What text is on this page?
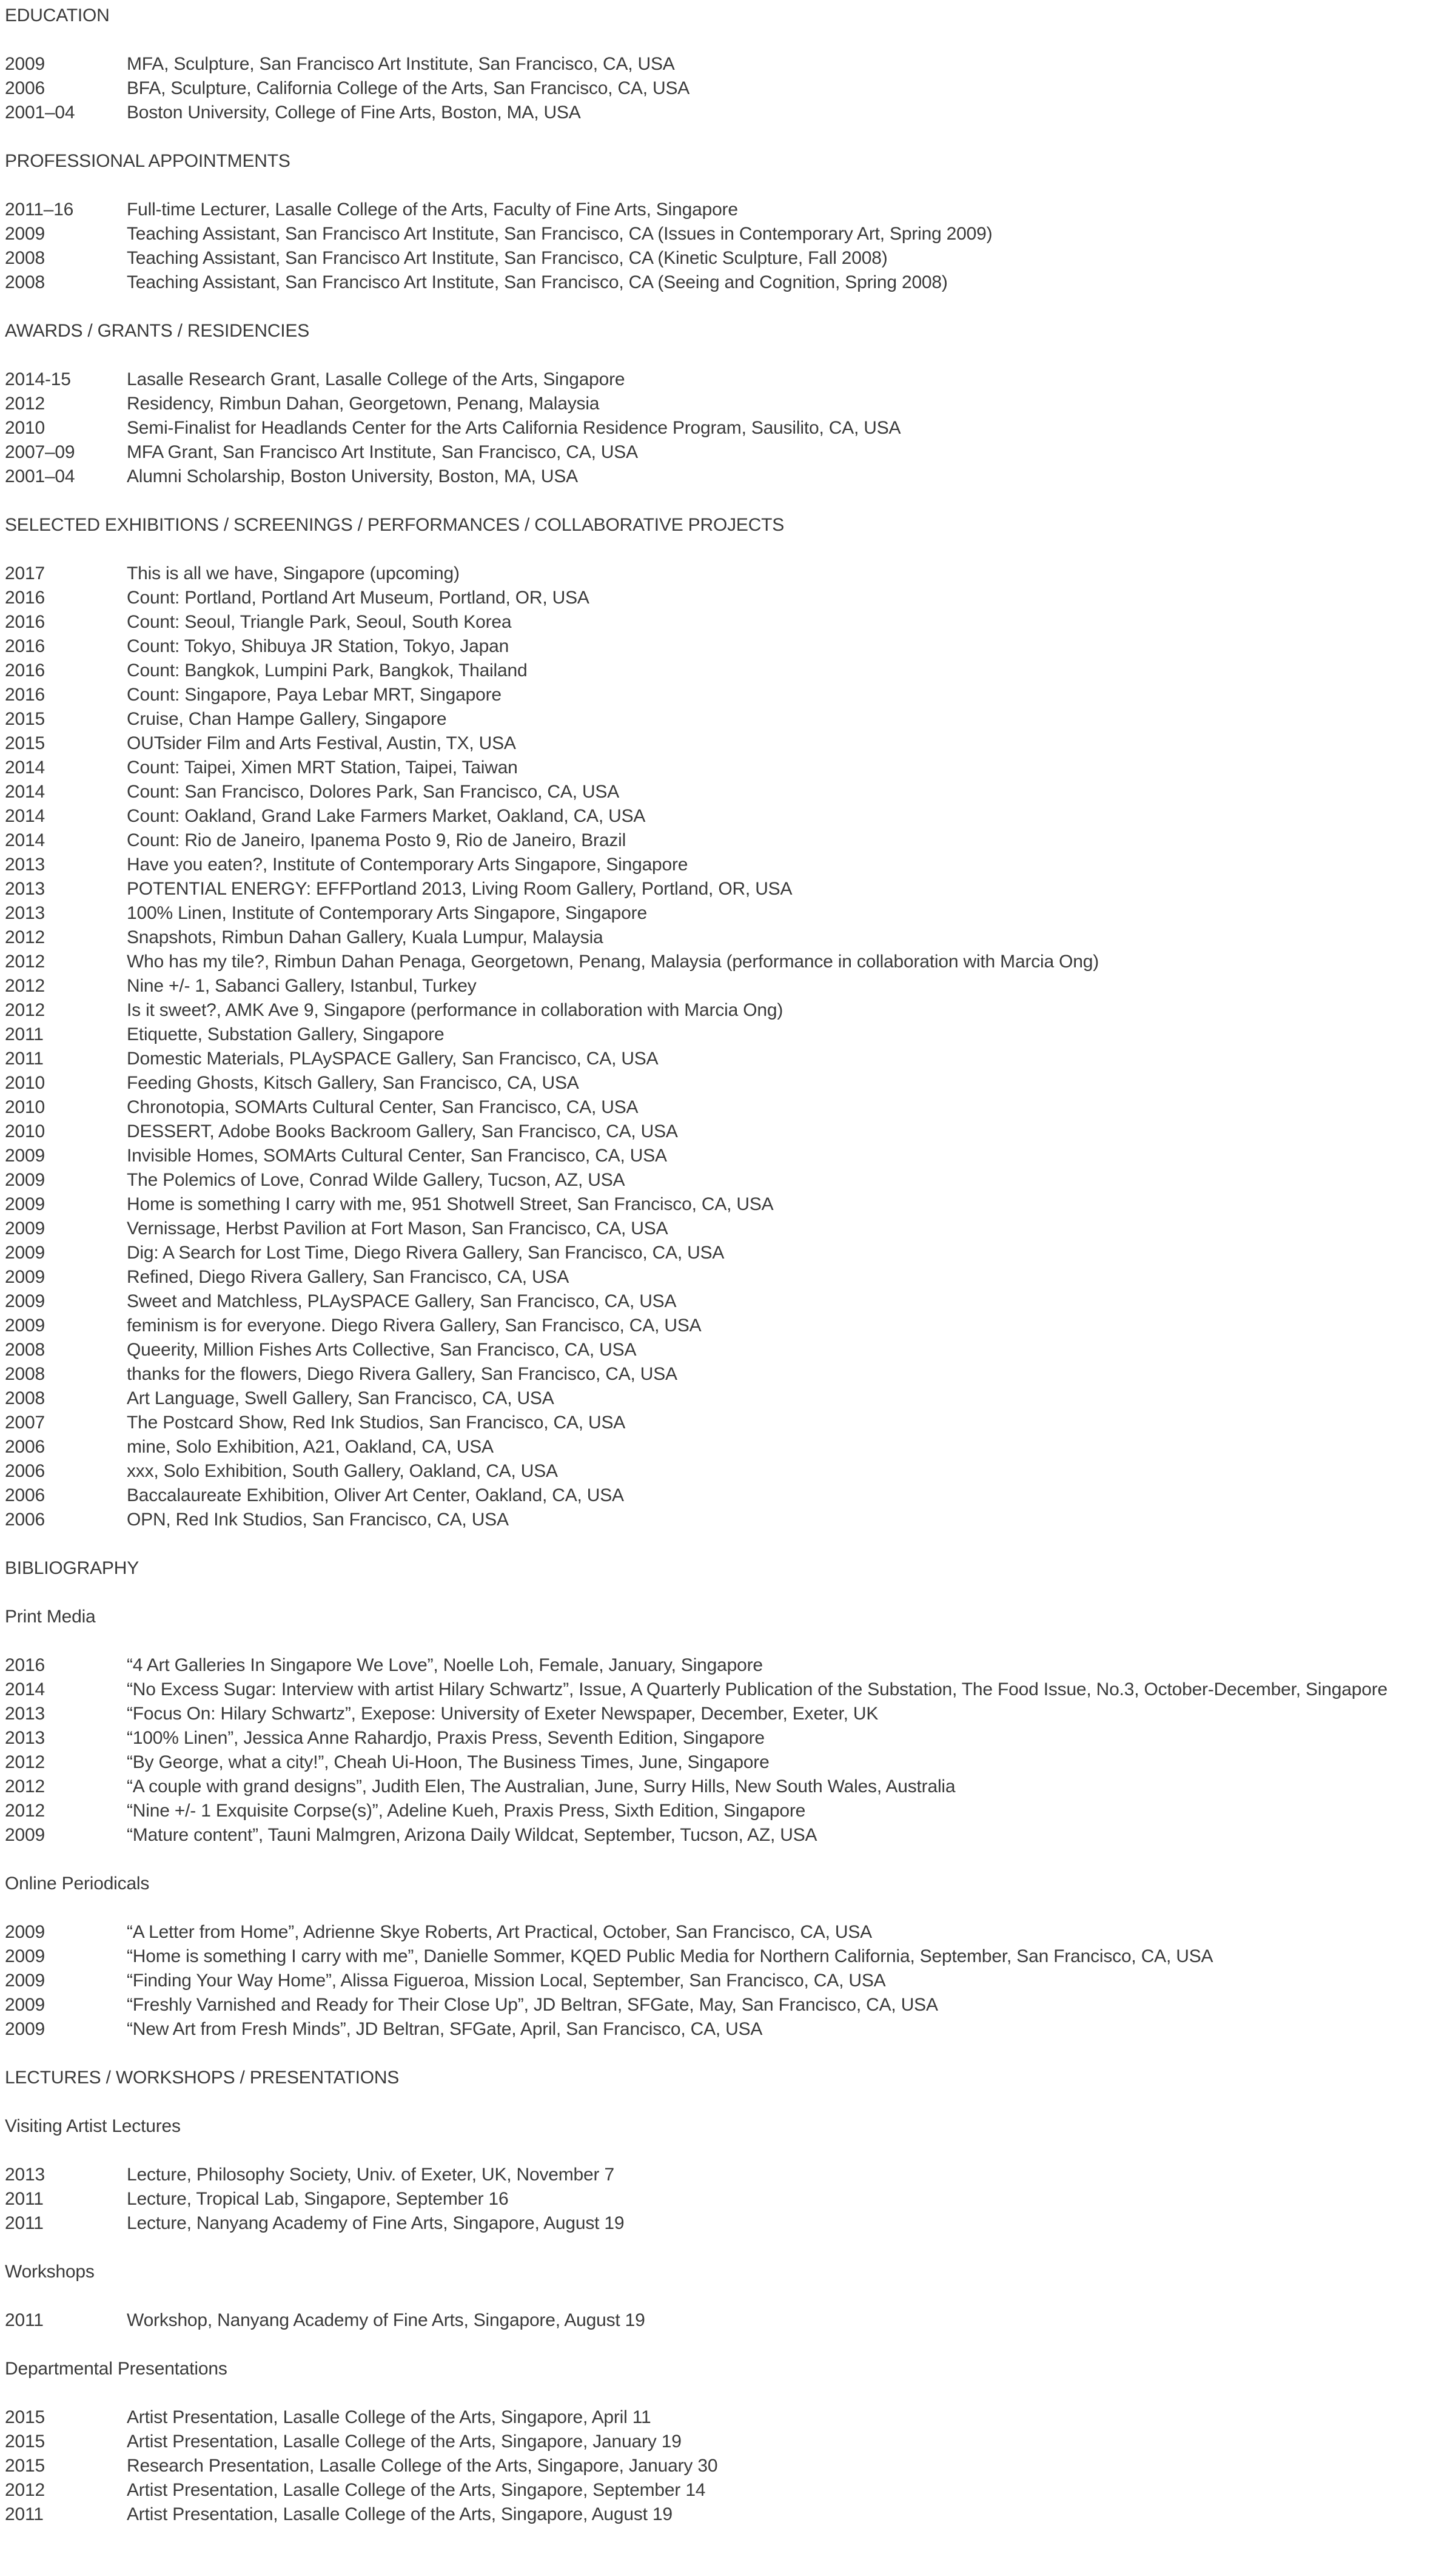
EDUCATION
2009	MFA, Sculpture, San Francisco Art Institute, San Francisco, CA, USA
2006	BFA, Sculpture, California College of the Arts, San Francisco, CA, USA
2001–04	Boston University, College of Fine Arts, Boston, MA, USA
PROFESSIONAL APPOINTMENTS
2011–16	Full-time Lecturer, Lasalle College of the Arts, Faculty of Fine Arts, Singapore
2009	Teaching Assistant, San Francisco Art Institute, San Francisco, CA (Issues in Contemporary Art, Spring 2009)
2008	Teaching Assistant, San Francisco Art Institute, San Francisco, CA (Kinetic Sculpture, Fall 2008)
2008	Teaching Assistant, San Francisco Art Institute, San Francisco, CA (Seeing and Cognition, Spring 2008)
AWARDS / GRANTS / RESIDENCIES
2014-15	Lasalle Research Grant, Lasalle College of the Arts, Singapore
2012	Residency, Rimbun Dahan, Georgetown, Penang, Malaysia
2010	Semi-Finalist for Headlands Center for the Arts California Residence Program, Sausilito, CA, USA
2007–09	MFA Grant, San Francisco Art Institute, San Francisco, CA, USA
2001–04	Alumni Scholarship, Boston University, Boston, MA, USA
SELECTED EXHIBITIONS / SCREENINGS / PERFORMANCES / COLLABORATIVE PROJECTS
2017	This is all we have, Singapore (upcoming)
2016	Count: Portland, Portland Art Museum, Portland, OR, USA
2016	Count: Seoul, Triangle Park, Seoul, South Korea
2016	Count: Tokyo, Shibuya JR Station, Tokyo, Japan
2016	Count: Bangkok, Lumpini Park, Bangkok, Thailand
2016	Count: Singapore, Paya Lebar MRT, Singapore
2015	Cruise, Chan Hampe Gallery, Singapore
2015	OUTsider Film and Arts Festival, Austin, TX, USA
2014	Count: Taipei, Ximen MRT Station, Taipei, Taiwan
2014	Count: San Francisco, Dolores Park, San Francisco, CA, USA
2014	Count: Oakland, Grand Lake Farmers Market, Oakland, CA, USA
2014	Count: Rio de Janeiro, Ipanema Posto 9, Rio de Janeiro, Brazil
2013	Have you eaten?, Institute of Contemporary Arts Singapore, Singapore
2013	POTENTIAL ENERGY: EFFPortland 2013, Living Room Gallery, Portland, OR, USA
2013	100% Linen, Institute of Contemporary Arts Singapore, Singapore
2012	Snapshots, Rimbun Dahan Gallery, Kuala Lumpur, Malaysia
2012	Who has my tile?, Rimbun Dahan Penaga, Georgetown, Penang, Malaysia (performance in collaboration with Marcia Ong)
2012	Nine +/- 1, Sabanci Gallery, Istanbul, Turkey
2012	Is it sweet?, AMK Ave 9, Singapore (performance in collaboration with Marcia Ong)
2011	Etiquette, Substation Gallery, Singapore
2011	Domestic Materials, PLAySPACE Gallery, San Francisco, CA, USA
2010	Feeding Ghosts, Kitsch Gallery, San Francisco, CA, USA
2010	Chronotopia, SOMArts Cultural Center, San Francisco, CA, USA
2010	DESSERT, Adobe Books Backroom Gallery, San Francisco, CA, USA
2009	Invisible Homes, SOMArts Cultural Center, San Francisco, CA, USA
2009	The Polemics of Love, Conrad Wilde Gallery, Tucson, AZ, USA
2009	Home is something I carry with me, 951 Shotwell Street, San Francisco, CA, USA
2009	Vernissage, Herbst Pavilion at Fort Mason, San Francisco, CA, USA
2009	Dig: A Search for Lost Time, Diego Rivera Gallery, San Francisco, CA, USA
2009	Refined, Diego Rivera Gallery, San Francisco, CA, USA
2009	Sweet and Matchless, PLAySPACE Gallery, San Francisco, CA, USA
2009	feminism is for everyone. Diego Rivera Gallery, San Francisco, CA, USA
2008	Queerity, Million Fishes Arts Collective, San Francisco, CA, USA
2008	thanks for the flowers, Diego Rivera Gallery, San Francisco, CA, USA
2008	Art Language, Swell Gallery, San Francisco, CA, USA
2007	The Postcard Show, Red Ink Studios, San Francisco, CA, USA
2006	mine, Solo Exhibition, A21, Oakland, CA, USA
2006	xxx, Solo Exhibition, South Gallery, Oakland, CA, USA
2006	Baccalaureate Exhibition, Oliver Art Center, Oakland, CA, USA
2006	OPN, Red Ink Studios, San Francisco, CA, USA
BIBLIOGRAPHY
Print Media
2016	“4 Art Galleries In Singapore We Love”, Noelle Loh, Female, January, Singapore
2014	“No Excess Sugar: Interview with artist Hilary Schwartz”, Issue, A Quarterly Publication of the Substation, The Food Issue, No.3, October-December, Singapore
2013	“Focus On: Hilary Schwartz”, Exepose: University of Exeter Newspaper, December, Exeter, UK
2013	“100% Linen”, Jessica Anne Rahardjo, Praxis Press, Seventh Edition, Singapore
2012	“By George, what a city!”, Cheah Ui-Hoon, The Business Times, June, Singapore
2012	“A couple with grand designs”, Judith Elen, The Australian, June, Surry Hills, New South Wales, Australia
2012	“Nine +/- 1 Exquisite Corpse(s)”, Adeline Kueh, Praxis Press, Sixth Edition, Singapore
2009	“Mature content”, Tauni Malmgren, Arizona Daily Wildcat, September, Tucson, AZ, USA
Online Periodicals
2009	“A Letter from Home”, Adrienne Skye Roberts, Art Practical, October, San Francisco, CA, USA
2009	“Home is something I carry with me”, Danielle Sommer, KQED Public Media for Northern California, September, San Francisco, CA, USA
2009	“Finding Your Way Home”, Alissa Figueroa, Mission Local, September, San Francisco, CA, USA
2009	“Freshly Varnished and Ready for Their Close Up”, JD Beltran, SFGate, May, San Francisco, CA, USA
2009	“New Art from Fresh Minds”, JD Beltran, SFGate, April, San Francisco, CA, USA
LECTURES / WORKSHOPS / PRESENTATIONS
Visiting Artist Lectures
2013	Lecture, Philosophy Society, Univ. of Exeter, UK, November 7
2011	Lecture, Tropical Lab, Singapore, September 16
2011	Lecture, Nanyang Academy of Fine Arts, Singapore, August 19
Workshops
2011	Workshop, Nanyang Academy of Fine Arts, Singapore, August 19
Departmental Presentations
2015	Artist Presentation, Lasalle College of the Arts, Singapore, April 11
2015	Artist Presentation, Lasalle College of the Arts, Singapore, January 19
2015	Research Presentation, Lasalle College of the Arts, Singapore, January 30
2012	Artist Presentation, Lasalle College of the Arts, Singapore, September 14
2011	Artist Presentation, Lasalle College of the Arts, Singapore, August 19
